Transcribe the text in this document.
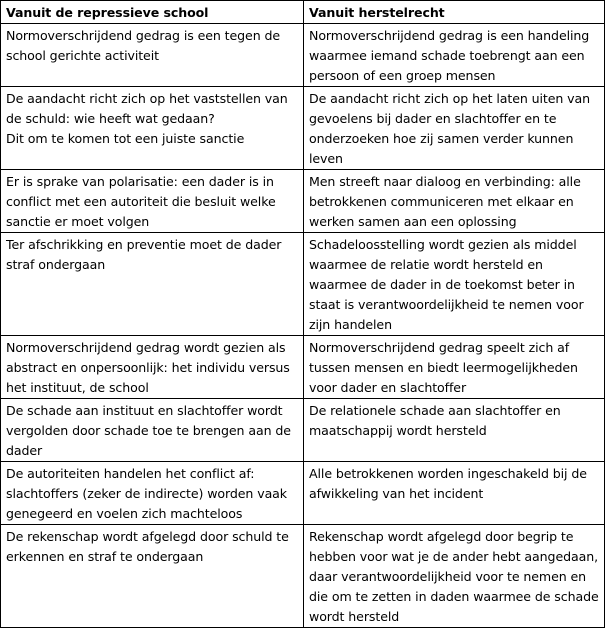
Vanuit de repressieve school	Vanuit herstelrecht
Normoverschrijdend gedrag is een tegen de school gerichte activiteit	Normoverschrijdend gedrag is een handeling waarmee iemand schade toebrengt aan een persoon of een groep mensen
De aandacht richt zich op het vaststellen van de schuld: wie heeft wat gedaan?
Dit om te komen tot een juiste sanctie	De aandacht richt zich op het laten uiten van gevoelens bij dader en slachtoffer en te onderzoeken hoe zij samen verder kunnen leven
Er is sprake van polarisatie: een dader is in conflict met een autoriteit die besluit welke sanctie er moet volgen	Men streeft naar dialoog en verbinding: alle betrokkenen communiceren met elkaar en werken samen aan een oplossing
Ter afschrikking en preventie moet de dader straf ondergaan	Schadeloosstelling wordt gezien als middel waarmee de relatie wordt hersteld en waarmee de dader in de toekomst beter in staat is verantwoordelijkheid te nemen voor zijn handelen
Normoverschrijdend gedrag wordt gezien als abstract en onpersoonlijk: het individu versus het instituut, de school	Normoverschrijdend gedrag speelt zich af tussen mensen en biedt leermogelijkheden voor dader en slachtoffer
De schade aan instituut en slachtoffer wordt vergolden door schade toe te brengen aan de dader	De relationele schade aan slachtoffer en maatschappij wordt hersteld
De autoriteiten handelen het conflict af: slachtoffers (zeker de indirecte) worden vaak genegeerd en voelen zich machteloos	Alle betrokkenen worden ingeschakeld bij de afwikkeling van het incident
De rekenschap wordt afgelegd door schuld te erkennen en straf te ondergaan	Rekenschap wordt afgelegd door begrip te hebben voor wat je de ander hebt aangedaan, daar verantwoordelijkheid voor te nemen en die om te zetten in daden waarmee de schade wordt hersteld
